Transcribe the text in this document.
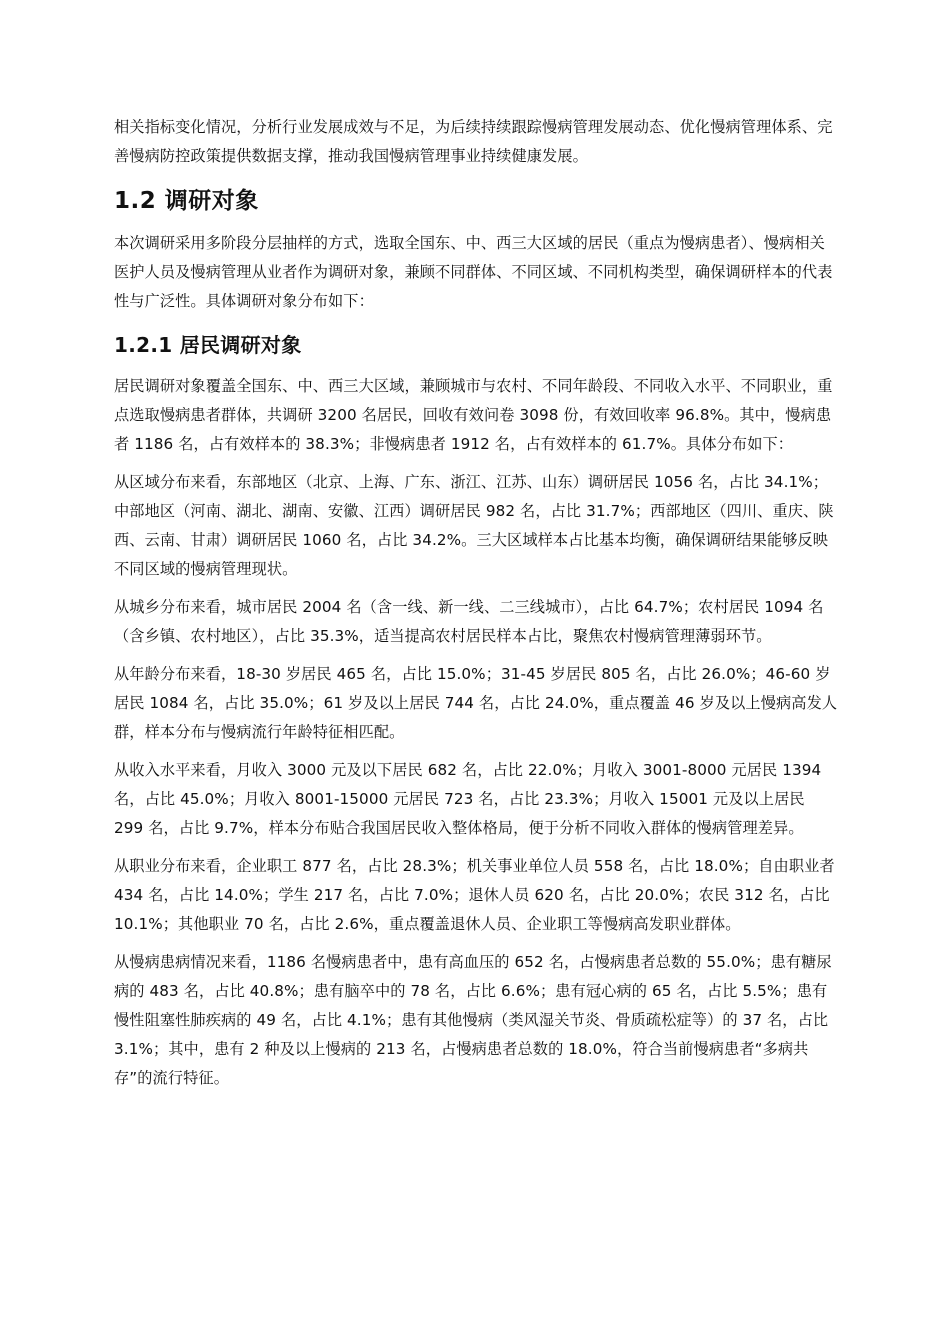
相关指标变化情况，分析行业发展成效与不足，为后续持续跟踪慢病管理发展动态、优化慢病管理体系、完善慢病防控政策提供数据支撑，推动我国慢病管理事业持续健康发展。

1.2 调研对象

本次调研采用多阶段分层抽样的方式，选取全国东、中、西三大区域的居民（重点为慢病患者）、慢病相关医护人员及慢病管理从业者作为调研对象，兼顾不同群体、不同区域、不同机构类型，确保调研样本的代表性与广泛性。具体调研对象分布如下：

1.2.1 居民调研对象

居民调研对象覆盖全国东、中、西三大区域，兼顾城市与农村、不同年龄段、不同收入水平、不同职业，重点选取慢病患者群体，共调研 3200 名居民，回收有效问卷 3098 份，有效回收率 96.8%。其中，慢病患者 1186 名，占有效样本的 38.3%；非慢病患者 1912 名，占有效样本的 61.7%。具体分布如下：

从区域分布来看，东部地区（北京、上海、广东、浙江、江苏、山东）调研居民 1056 名，占比 34.1%；中部地区（河南、湖北、湖南、安徽、江西）调研居民 982 名，占比 31.7%；西部地区（四川、重庆、陕西、云南、甘肃）调研居民 1060 名，占比 34.2%。三大区域样本占比基本均衡，确保调研结果能够反映不同区域的慢病管理现状。

从城乡分布来看，城市居民 2004 名（含一线、新一线、二三线城市），占比 64.7%；农村居民 1094 名（含乡镇、农村地区），占比 35.3%，适当提高农村居民样本占比，聚焦农村慢病管理薄弱环节。

从年龄分布来看，18-30 岁居民 465 名，占比 15.0%；31-45 岁居民 805 名，占比 26.0%；46-60 岁居民 1084 名，占比 35.0%；61 岁及以上居民 744 名，占比 24.0%，重点覆盖 46 岁及以上慢病高发人群，样本分布与慢病流行年龄特征相匹配。

从收入水平来看，月收入 3000 元及以下居民 682 名，占比 22.0%；月收入 3001-8000 元居民 1394 名，占比 45.0%；月收入 8001-15000 元居民 723 名，占比 23.3%；月收入 15001 元及以上居民 299 名，占比 9.7%，样本分布贴合我国居民收入整体格局，便于分析不同收入群体的慢病管理差异。

从职业分布来看，企业职工 877 名，占比 28.3%；机关事业单位人员 558 名，占比 18.0%；自由职业者 434 名，占比 14.0%；学生 217 名，占比 7.0%；退休人员 620 名，占比 20.0%；农民 312 名，占比 10.1%；其他职业 70 名，占比 2.6%，重点覆盖退休人员、企业职工等慢病高发职业群体。

从慢病患病情况来看，1186 名慢病患者中，患有高血压的 652 名，占慢病患者总数的 55.0%；患有糖尿病的 483 名，占比 40.8%；患有脑卒中的 78 名，占比 6.6%；患有冠心病的 65 名，占比 5.5%；患有慢性阻塞性肺疾病的 49 名，占比 4.1%；患有其他慢病（类风湿关节炎、骨质疏松症等）的 37 名，占比 3.1%；其中，患有 2 种及以上慢病的 213 名，占慢病患者总数的 18.0%，符合当前慢病患者“多病共存”的流行特征。
